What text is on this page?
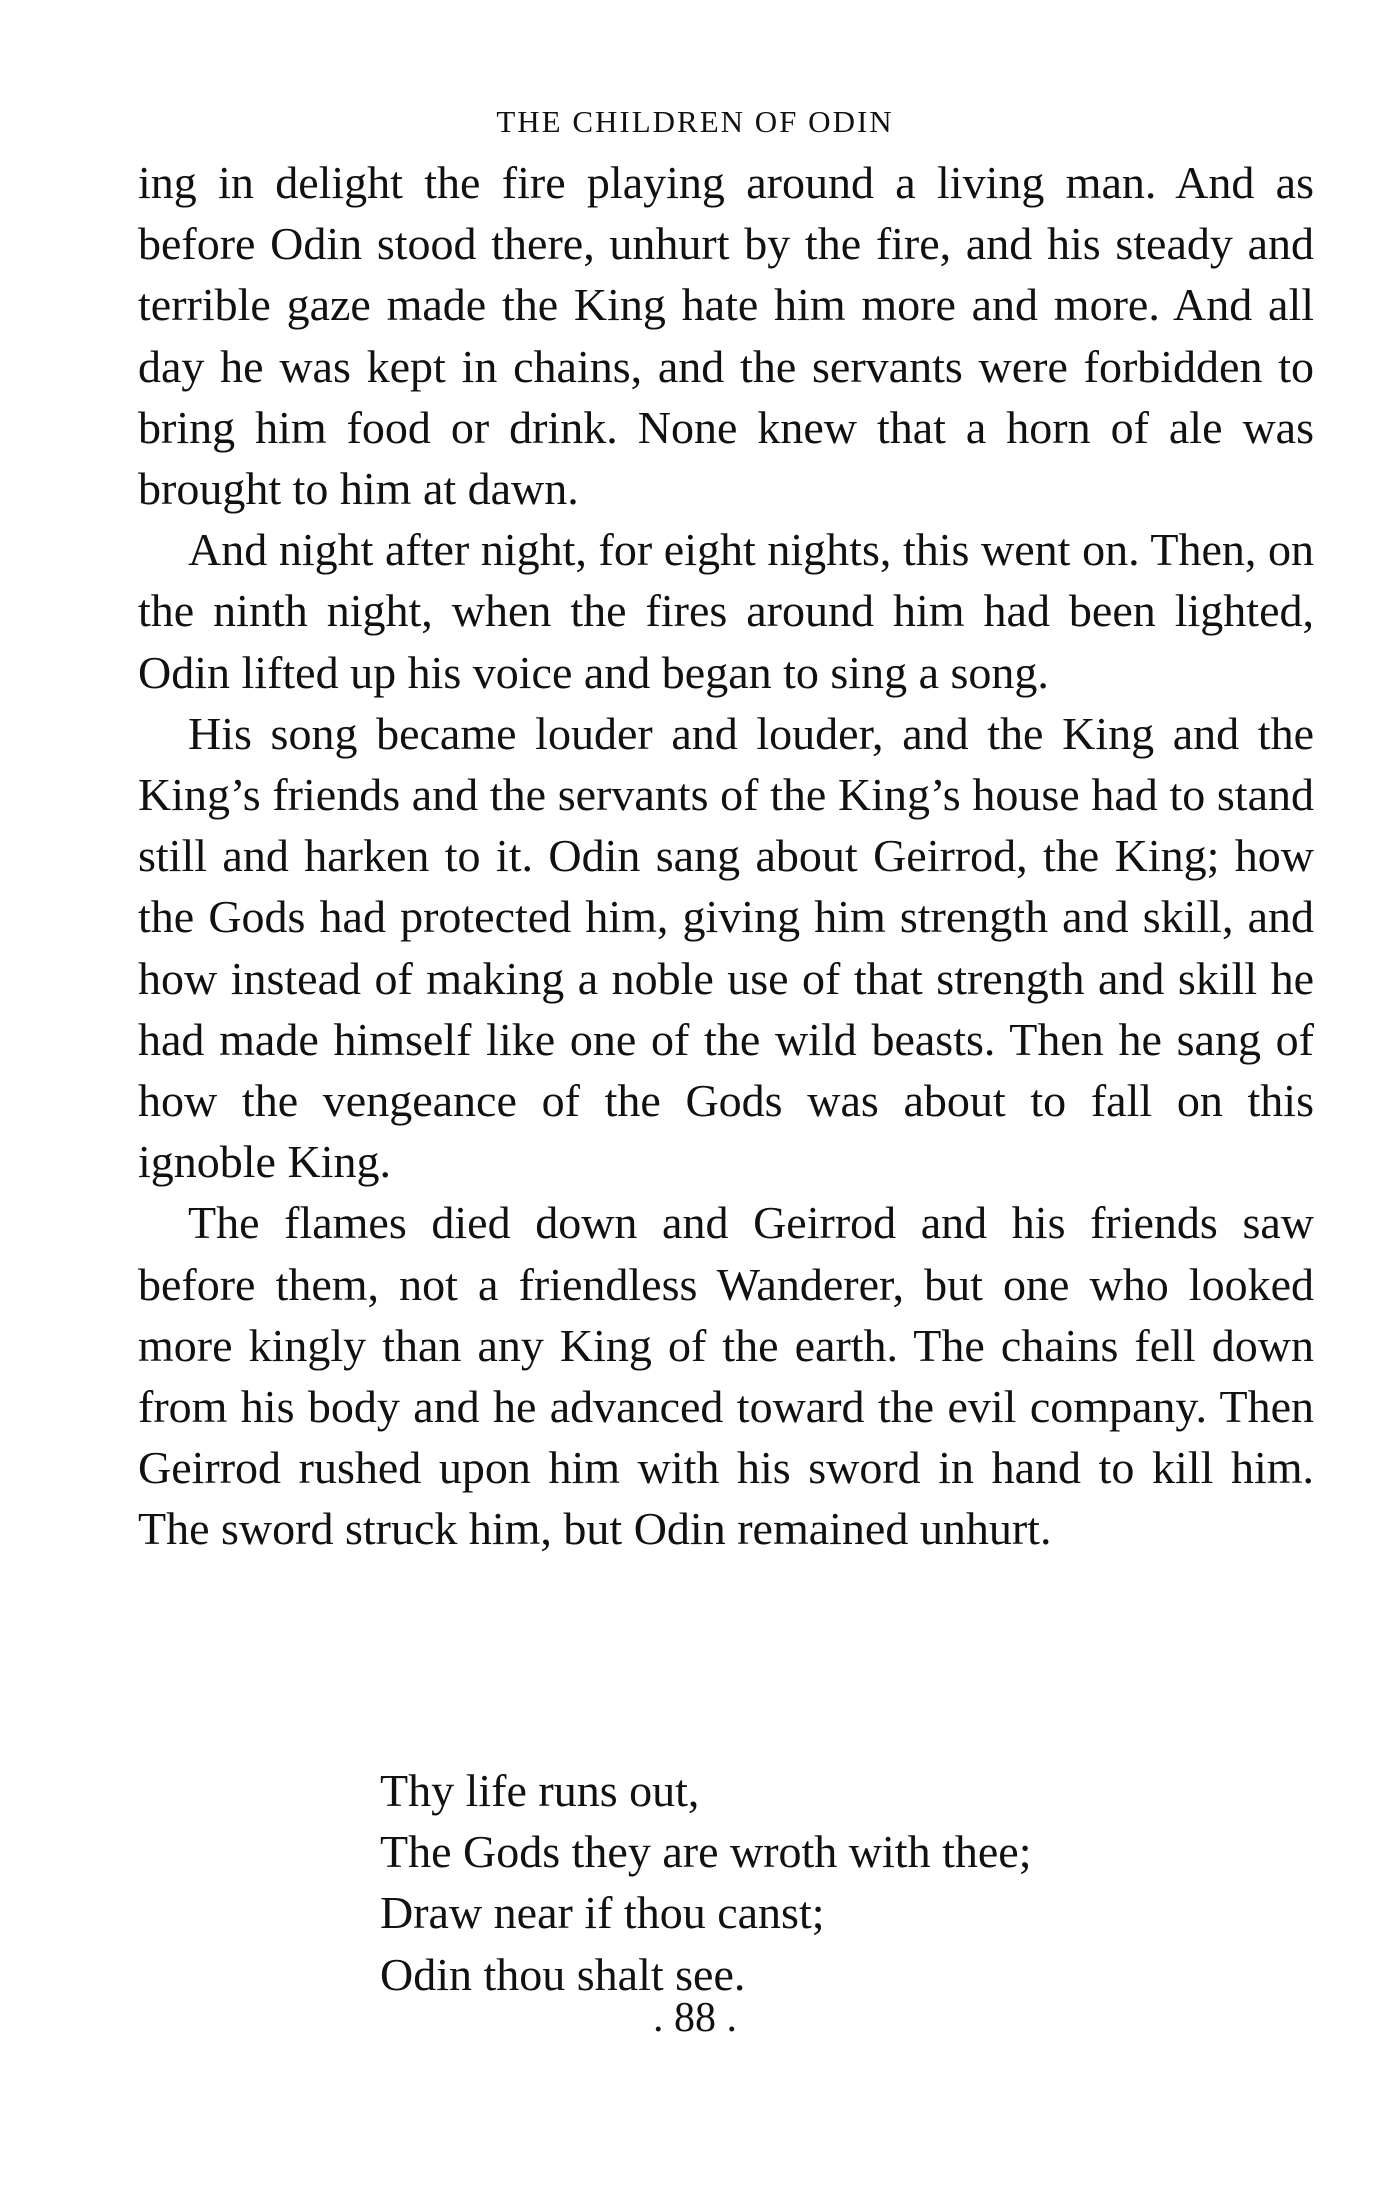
THE CHILDREN OF ODIN

ing in delight the fire playing around a living man. And as before Odin stood there, unhurt by the fire, and his steady and terrible gaze made the King hate him more and more. And all day he was kept in chains, and the servants were forbidden to bring him food or drink. None knew that a horn of ale was brought to him at dawn.

And night after night, for eight nights, this went on. Then, on the ninth night, when the fires around him had been lighted, Odin lifted up his voice and began to sing a song.

His song became louder and louder, and the King and the King’s friends and the servants of the King’s house had to stand still and harken to it. Odin sang about Geirrod, the King; how the Gods had protected him, giving him strength and skill, and how instead of making a noble use of that strength and skill he had made himself like one of the wild beasts. Then he sang of how the vengeance of the Gods was about to fall on this ignoble King.

The flames died down and Geirrod and his friends saw before them, not a friendless Wanderer, but one who looked more kingly than any King of the earth. The chains fell down from his body and he advanced toward the evil company. Then Geirrod rushed upon him with his sword in hand to kill him. The sword struck him, but Odin remained unhurt.

Thy life runs out,
The Gods they are wroth with thee;
Draw near if thou canst;
Odin thou shalt see.
. 88 .
